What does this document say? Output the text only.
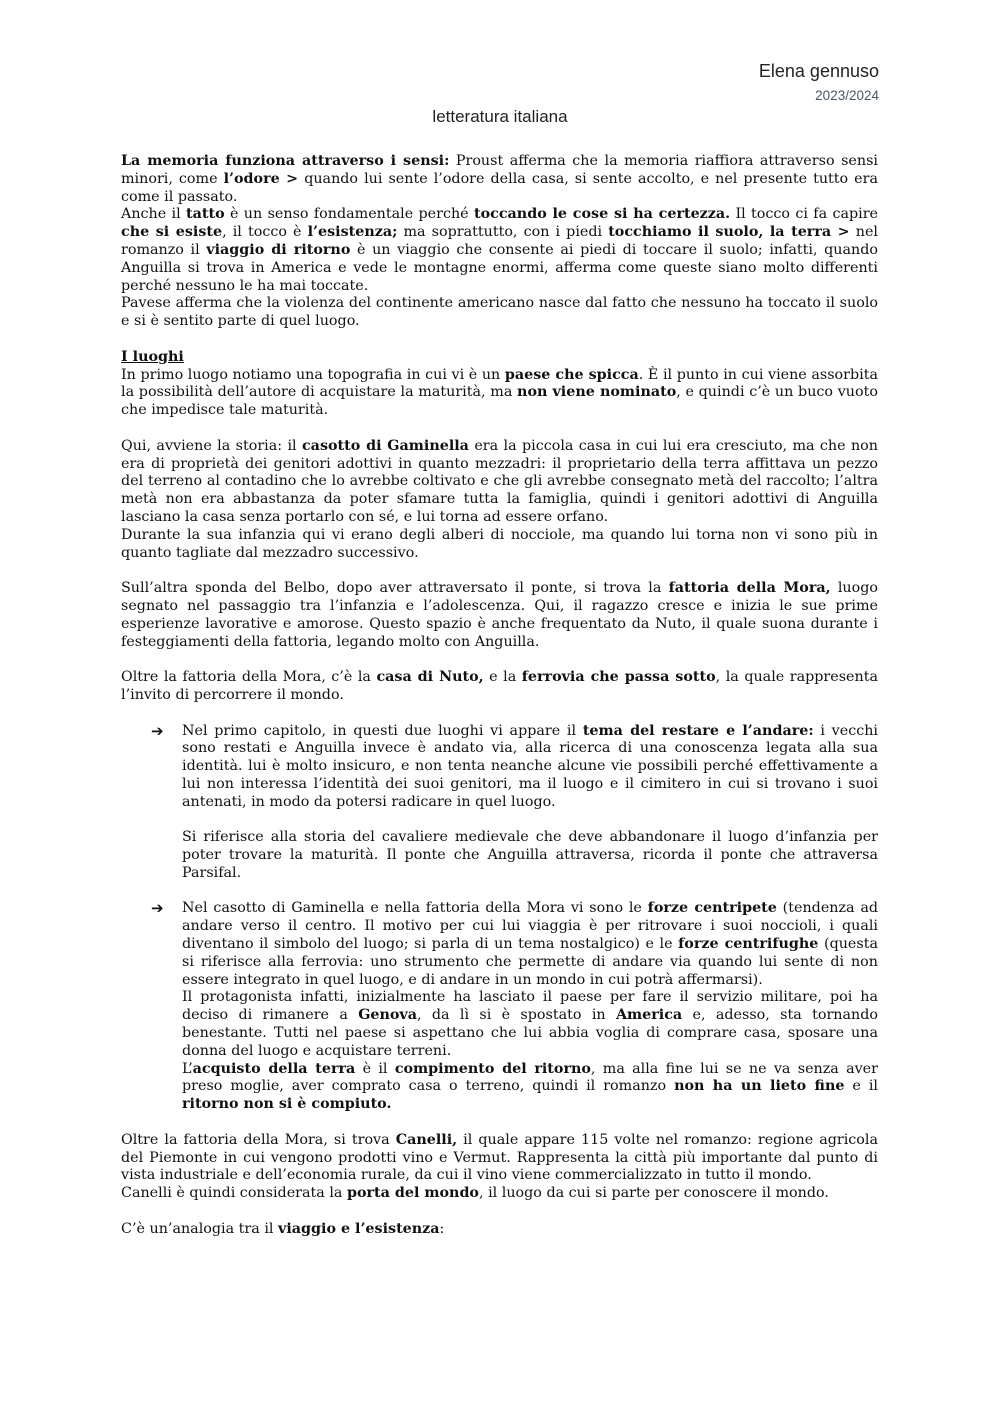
Elena gennuso
2023/2024
letteratura italiana

La memoria funziona attraverso i sensi: Proust afferma che la memoria riaffiora attraverso sensi minori, come l’odore > quando lui sente l’odore della casa, si sente accolto, e nel presente tutto era come il passato.

Anche il tatto è un senso fondamentale perché toccando le cose si ha certezza. Il tocco ci fa capire che si esiste, il tocco è l’esistenza; ma soprattutto, con i piedi tocchiamo il suolo, la terra > nel romanzo il viaggio di ritorno è un viaggio che consente ai piedi di toccare il suolo; infatti, quando Anguilla si trova in America e vede le montagne enormi, afferma come queste siano molto differenti perché nessuno le ha mai toccate.

Pavese afferma che la violenza del continente americano nasce dal fatto che nessuno ha toccato il suolo e si è sentito parte di quel luogo.

I luoghi

In primo luogo notiamo una topografia in cui vi è un paese che spicca. È il punto in cui viene assorbita la possibilità dell’autore di acquistare la maturità, ma non viene nominato, e quindi c’è un buco vuoto che impedisce tale maturità.

Qui, avviene la storia: il casotto di Gaminella era la piccola casa in cui lui era cresciuto, ma che non era di proprietà dei genitori adottivi in quanto mezzadri: il proprietario della terra affittava un pezzo del terreno al contadino che lo avrebbe coltivato e che gli avrebbe consegnato metà del raccolto; l’altra metà non era abbastanza da poter sfamare tutta la famiglia, quindi i genitori adottivi di Anguilla lasciano la casa senza portarlo con sé, e lui torna ad essere orfano.

Durante la sua infanzia qui vi erano degli alberi di nocciole, ma quando lui torna non vi sono più in quanto tagliate dal mezzadro successivo.

Sull’altra sponda del Belbo, dopo aver attraversato il ponte, si trova la fattoria della Mora, luogo segnato nel passaggio tra l’infanzia e l’adolescenza. Qui, il ragazzo cresce e inizia le sue prime esperienze lavorative e amorose. Questo spazio è anche frequentato da Nuto, il quale suona durante i festeggiamenti della fattoria, legando molto con Anguilla.

Oltre la fattoria della Mora, c’è la casa di Nuto, e la ferrovia che passa sotto, la quale rappresenta l’invito di percorrere il mondo.

➔ Nel primo capitolo, in questi due luoghi vi appare il tema del restare e l’andare: i vecchi sono restati e Anguilla invece è andato via, alla ricerca di una conoscenza legata alla sua identità. lui è molto insicuro, e non tenta neanche alcune vie possibili perché effettivamente a lui non interessa l’identità dei suoi genitori, ma il luogo e il cimitero in cui si trovano i suoi antenati, in modo da potersi radicare in quel luogo.

Si riferisce alla storia del cavaliere medievale che deve abbandonare il luogo d’infanzia per poter trovare la maturità. Il ponte che Anguilla attraversa, ricorda il ponte che attraversa Parsifal.

➔ Nel casotto di Gaminella e nella fattoria della Mora vi sono le forze centripete (tendenza ad andare verso il centro. Il motivo per cui lui viaggia è per ritrovare i suoi noccioli, i quali diventano il simbolo del luogo; si parla di un tema nostalgico) e le forze centrifughe (questa si riferisce alla ferrovia: uno strumento che permette di andare via quando lui sente di non essere integrato in quel luogo, e di andare in un mondo in cui potrà affermarsi).

Il protagonista infatti, inizialmente ha lasciato il paese per fare il servizio militare, poi ha deciso di rimanere a Genova, da lì si è spostato in America e, adesso, sta tornando benestante. Tutti nel paese si aspettano che lui abbia voglia di comprare casa, sposare una donna del luogo e acquistare terreni.

L’acquisto della terra è il compimento del ritorno, ma alla fine lui se ne va senza aver preso moglie, aver comprato casa o terreno, quindi il romanzo non ha un lieto fine e il ritorno non si è compiuto.

Oltre la fattoria della Mora, si trova Canelli, il quale appare 115 volte nel romanzo: regione agricola del Piemonte in cui vengono prodotti vino e Vermut. Rappresenta la città più importante dal punto di vista industriale e dell’economia rurale, da cui il vino viene commercializzato in tutto il mondo.

Canelli è quindi considerata la porta del mondo, il luogo da cui si parte per conoscere il mondo.

C’è un’analogia tra il viaggio e l’esistenza:
